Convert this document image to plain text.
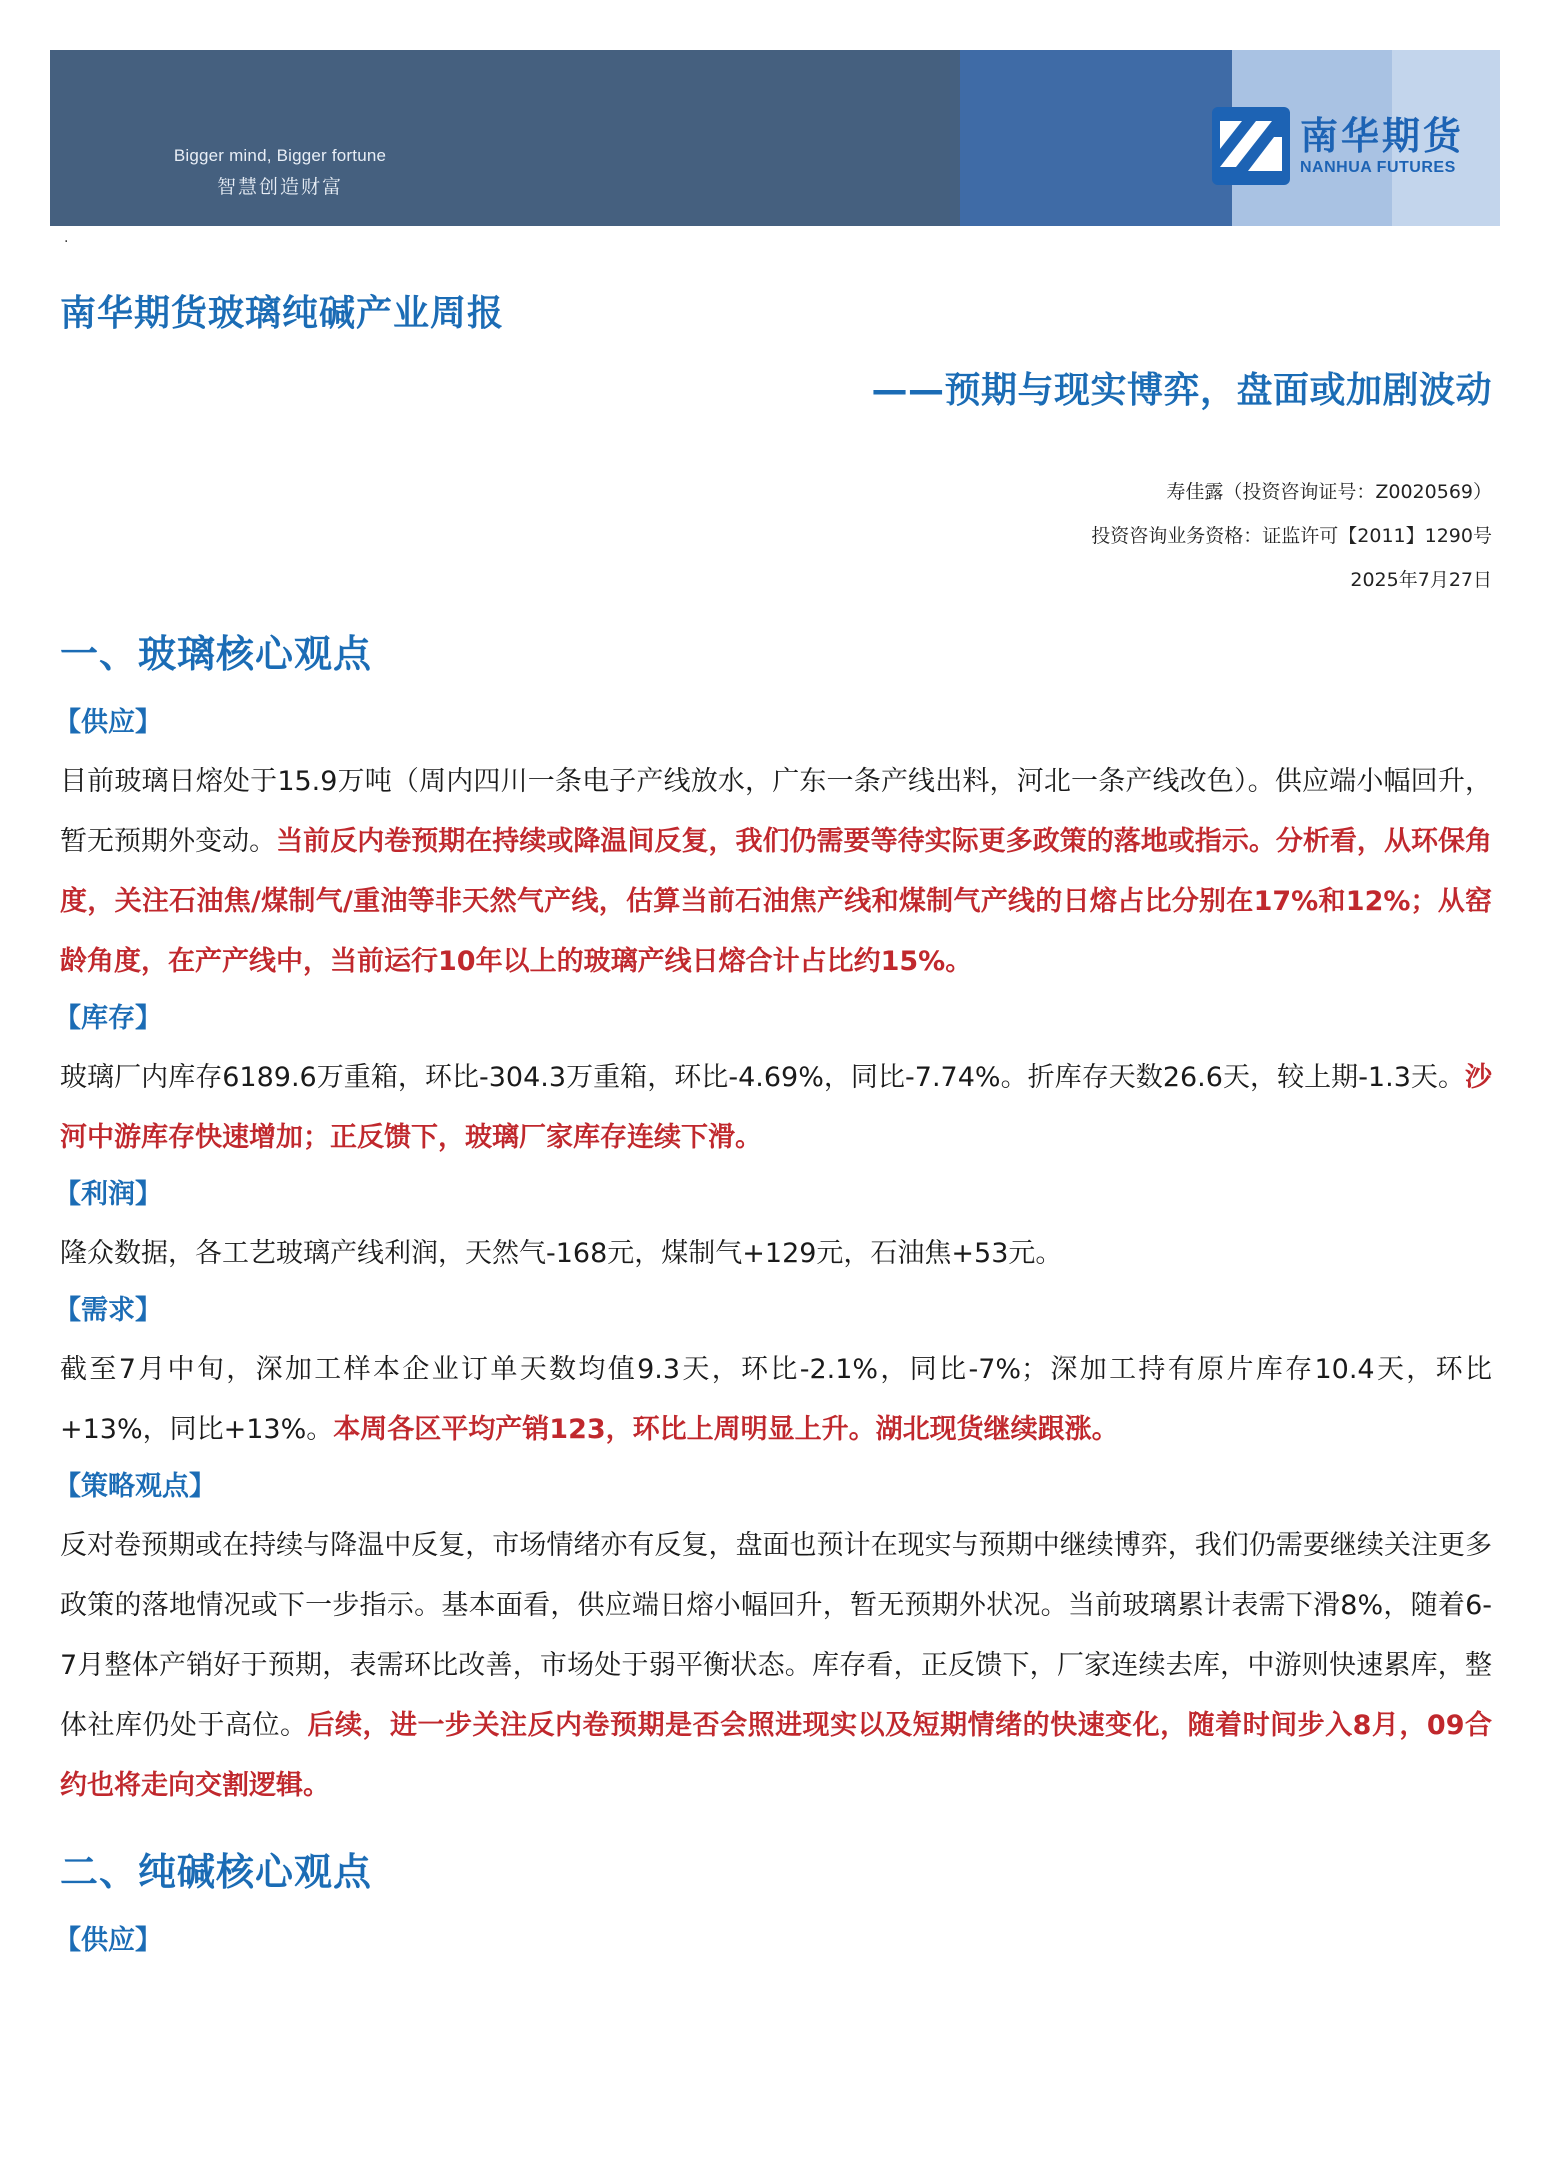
Bigger mind, Bigger fortune
智慧创造财富
南华期货
NANHUA FUTURES
.
南华期货玻璃纯碱产业周报
——预期与现实博弈，盘面或加剧波动
寿佳露（投资咨询证号：Z0020569）
投资咨询业务资格：证监许可【2011】1290号
2025年7月27日
一、玻璃核心观点
【供应】

目前玻璃日熔处于15.9万吨（周内四川一条电子产线放水，广东一条产线出料，河北一条产线改色）。供应端小幅回升，暂无预期外变动。当前反内卷预期在持续或降温间反复，我们仍需要等待实际更多政策的落地或指示。分析看，从环保角度，关注石油焦/煤制气/重油等非天然气产线，估算当前石油焦产线和煤制气产线的日熔占比分别在17%和12%；从窑龄角度，在产产线中，当前运行10年以上的玻璃产线日熔合计占比约15%。

【库存】

玻璃厂内库存6189.6万重箱，环比-304.3万重箱，环比-4.69%，同比-7.74%。折库存天数26.6天，较上期-1.3天。沙河中游库存快速增加；正反馈下，玻璃厂家库存连续下滑。

【利润】

隆众数据，各工艺玻璃产线利润，天然气-168元，煤制气+129元，石油焦+53元。

【需求】

截至7月中旬，深加工样本企业订单天数均值9.3天，环比-2.1%，同比-7%；深加工持有原片库存10.4天，环比+13%，同比+13%。本周各区平均产销123，环比上周明显上升。湖北现货继续跟涨。

【策略观点】

反对卷预期或在持续与降温中反复，市场情绪亦有反复，盘面也预计在现实与预期中继续博弈，我们仍需要继续关注更多政策的落地情况或下一步指示。基本面看，供应端日熔小幅回升，暂无预期外状况。当前玻璃累计表需下滑8%，随着6-7月整体产销好于预期，表需环比改善，市场处于弱平衡状态。库存看，正反馈下，厂家连续去库，中游则快速累库，整体社库仍处于高位。后续，进一步关注反内卷预期是否会照进现实以及短期情绪的快速变化，随着时间步入8月，09合约也将走向交割逻辑。

二、纯碱核心观点
【供应】
